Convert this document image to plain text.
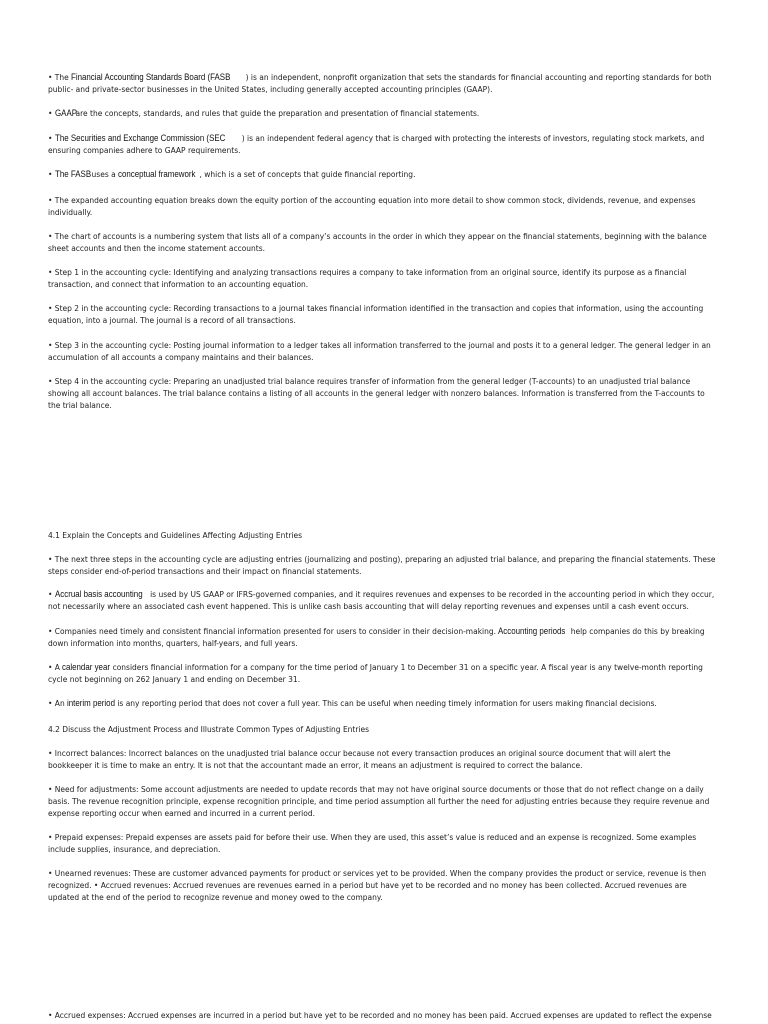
• The Financial Accounting Standards Board (FASB ) is an independent, nonprofit organization that sets the standards for financial accounting and reporting standards for both public- and private-sector businesses in the United States, including generally accepted accounting principles (GAAP).

• GAAP are the concepts, standards, and rules that guide the preparation and presentation of financial statements.

• The Securities and Exchange Commission (SEC ) is an independent federal agency that is charged with protecting the interests of investors, regulating stock markets, and ensuring companies adhere to GAAP requirements.

• The FASB uses a conceptual framework , which is a set of concepts that guide financial reporting.

• The expanded accounting equation breaks down the equity portion of the accounting equation into more detail to show common stock, dividends, revenue, and expenses individually.

• The chart of accounts is a numbering system that lists all of a company’s accounts in the order in which they appear on the financial statements, beginning with the balance sheet accounts and then the income statement accounts.

• Step 1 in the accounting cycle: Identifying and analyzing transactions requires a company to take information from an original source, identify its purpose as a financial transaction, and connect that information to an accounting equation.

• Step 2 in the accounting cycle: Recording transactions to a journal takes financial information identified in the transaction and copies that information, using the accounting equation, into a journal. The journal is a record of all transactions.

• Step 3 in the accounting cycle: Posting journal information to a ledger takes all information transferred to the journal and posts it to a general ledger. The general ledger in an accumulation of all accounts a company maintains and their balances.

• Step 4 in the accounting cycle: Preparing an unadjusted trial balance requires transfer of information from the general ledger (T-accounts) to an unadjusted trial balance showing all account balances. The trial balance contains a listing of all accounts in the general ledger with nonzero balances. Information is transferred from the T-accounts to the trial balance.

4.1 Explain the Concepts and Guidelines Affecting Adjusting Entries

• The next three steps in the accounting cycle are adjusting entries (journalizing and posting), preparing an adjusted trial balance, and preparing the financial statements. These steps consider end-of-period transactions and their impact on financial statements.

• Accrual basis accounting is used by US GAAP or IFRS-governed companies, and it requires revenues and expenses to be recorded in the accounting period in which they occur, not necessarily where an associated cash event happened. This is unlike cash basis accounting that will delay reporting revenues and expenses until a cash event occurs.

• Companies need timely and consistent financial information presented for users to consider in their decision-making. Accounting periods help companies do this by breaking down information into months, quarters, half-years, and full years.

• A calendar year considers financial information for a company for the time period of January 1 to December 31 on a specific year. A fiscal year is any twelve-month reporting cycle not beginning on 262 January 1 and ending on December 31.

• An interim period is any reporting period that does not cover a full year. This can be useful when needing timely information for users making financial decisions.

4.2 Discuss the Adjustment Process and Illustrate Common Types of Adjusting Entries

• Incorrect balances: Incorrect balances on the unadjusted trial balance occur because not every transaction produces an original source document that will alert the bookkeeper it is time to make an entry. It is not that the accountant made an error, it means an adjustment is required to correct the balance.

• Need for adjustments: Some account adjustments are needed to update records that may not have original source documents or those that do not reflect change on a daily basis. The revenue recognition principle, expense recognition principle, and time period assumption all further the need for adjusting entries because they require revenue and expense reporting occur when earned and incurred in a current period.

• Prepaid expenses: Prepaid expenses are assets paid for before their use. When they are used, this asset’s value is reduced and an expense is recognized. Some examples include supplies, insurance, and depreciation.

• Unearned revenues: These are customer advanced payments for product or services yet to be provided. When the company provides the product or service, revenue is then recognized. • Accrued revenues: Accrued revenues are revenues earned in a period but have yet to be recorded and no money has been collected. Accrued revenues are updated at the end of the period to recognize revenue and money owed to the company.

• Accrued expenses: Accrued expenses are incurred in a period but have yet to be recorded and no money has been paid. Accrued expenses are updated to reflect the expense
